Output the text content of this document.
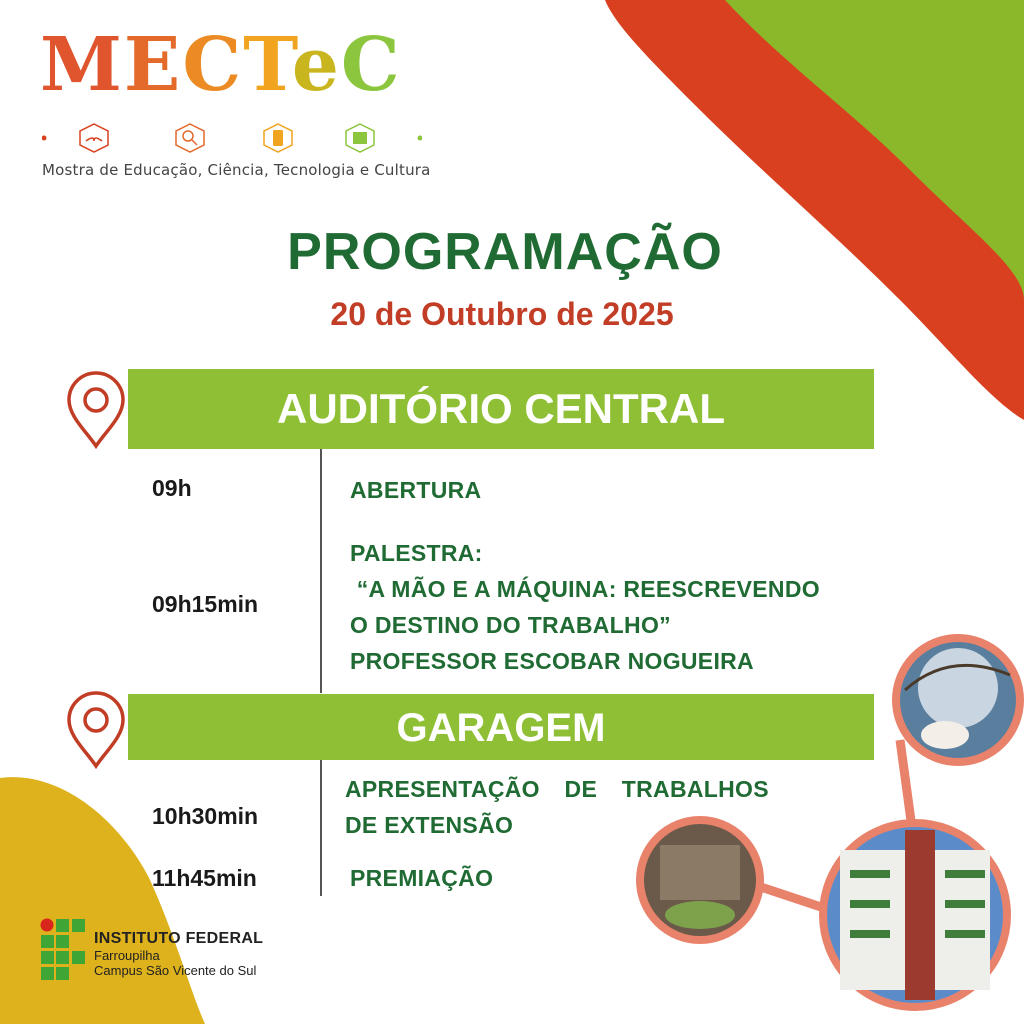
MECTeC
Mostra de Educação, Ciência, Tecnologia e Cultura
PROGRAMAÇÃO
20 de Outubro de 2025
AUDITÓRIO CENTRAL
09h	ABERTURA
09h15min
PALESTRA:
“A MÃO E A MÁQUINA: REESCREVENDO
O DESTINO DO TRABALHO”
PROFESSOR ESCOBAR NOGUEIRA
GARAGEM
10h30min
APRESENTAÇÃO DE TRABALHOS
DE EXTENSÃO
11h45min	PREMIAÇÃO
INSTITUTO FEDERAL
Farroupilha
Campus São Vicente do Sul
